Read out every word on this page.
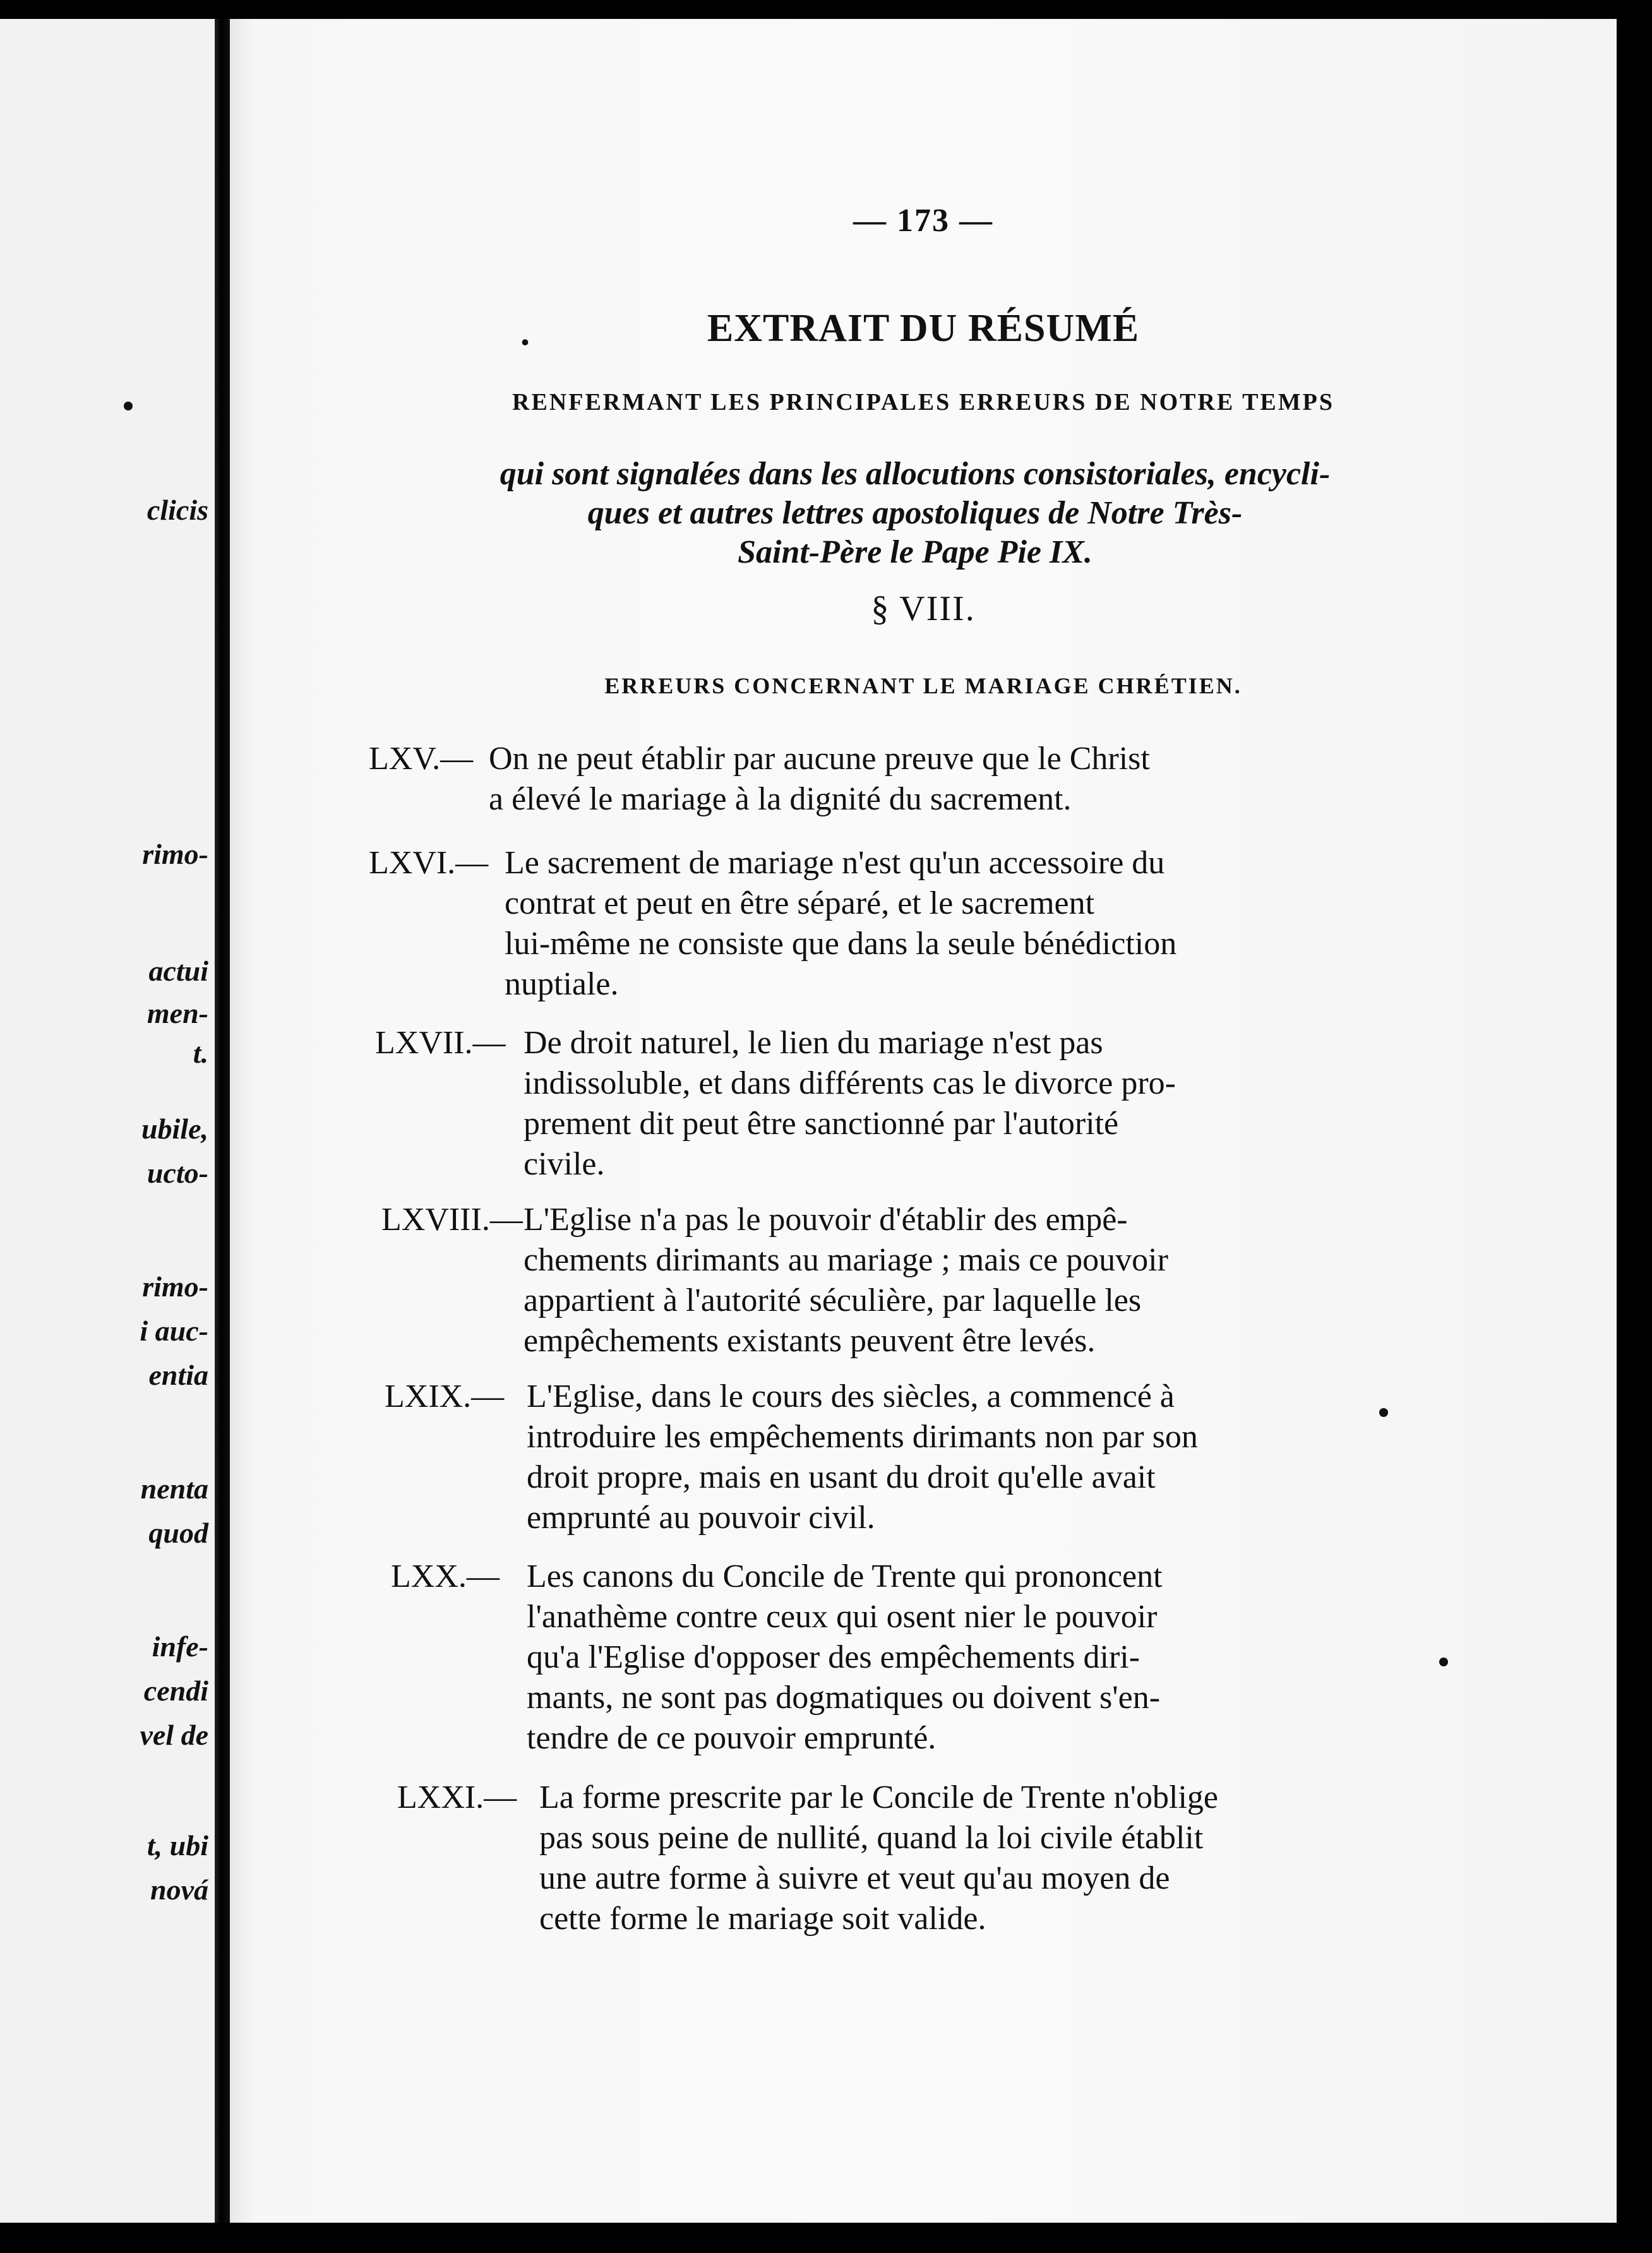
clicis
rimo-
actui
men-
t.
ubile,
ucto-
rimo-
i auc-
entia
nenta
quod
infe-
cendi
vel de
t, ubi
nová
— 173 —
.	EXTRAIT DU RÉSUMÉ
RENFERMANT LES PRINCIPALES ERREURS DE NOTRE TEMPS
qui sont signalées dans les allocutions consistoriales, encycli-
ques et autres lettres apostoliques de Notre Très-
Saint-Père le Pape Pie IX.
§ VIII.
ERREURS CONCERNANT LE MARIAGE CHRÉTIEN.
LXV.— On ne peut établir par aucune preuve que le Christ
a élevé le mariage à la dignité du sacrement.
LXVI.— Le sacrement de mariage n'est qu'un accessoire du
contrat et peut en être séparé, et le sacrement
lui-même ne consiste que dans la seule bénédiction
nuptiale.
LXVII.— De droit naturel, le lien du mariage n'est pas
indissoluble, et dans différents cas le divorce pro-
prement dit peut être sanctionné par l'autorité
civile.
LXVIII.— L'Eglise n'a pas le pouvoir d'établir des empê-
chements dirimants au mariage ; mais ce pouvoir
appartient à l'autorité séculière, par laquelle les
empêchements existants peuvent être levés.
LXIX.— L'Eglise, dans le cours des siècles, a commencé à
introduire les empêchements dirimants non par son
droit propre, mais en usant du droit qu'elle avait
emprunté au pouvoir civil.
LXX.— Les canons du Concile de Trente qui prononcent
l'anathème contre ceux qui osent nier le pouvoir
qu'a l'Eglise d'opposer des empêchements diri-
mants, ne sont pas dogmatiques ou doivent s'en-
tendre de ce pouvoir emprunté.
LXXI.— La forme prescrite par le Concile de Trente n'oblige
pas sous peine de nullité, quand la loi civile établit
une autre forme à suivre et veut qu'au moyen de
cette forme le mariage soit valide.
